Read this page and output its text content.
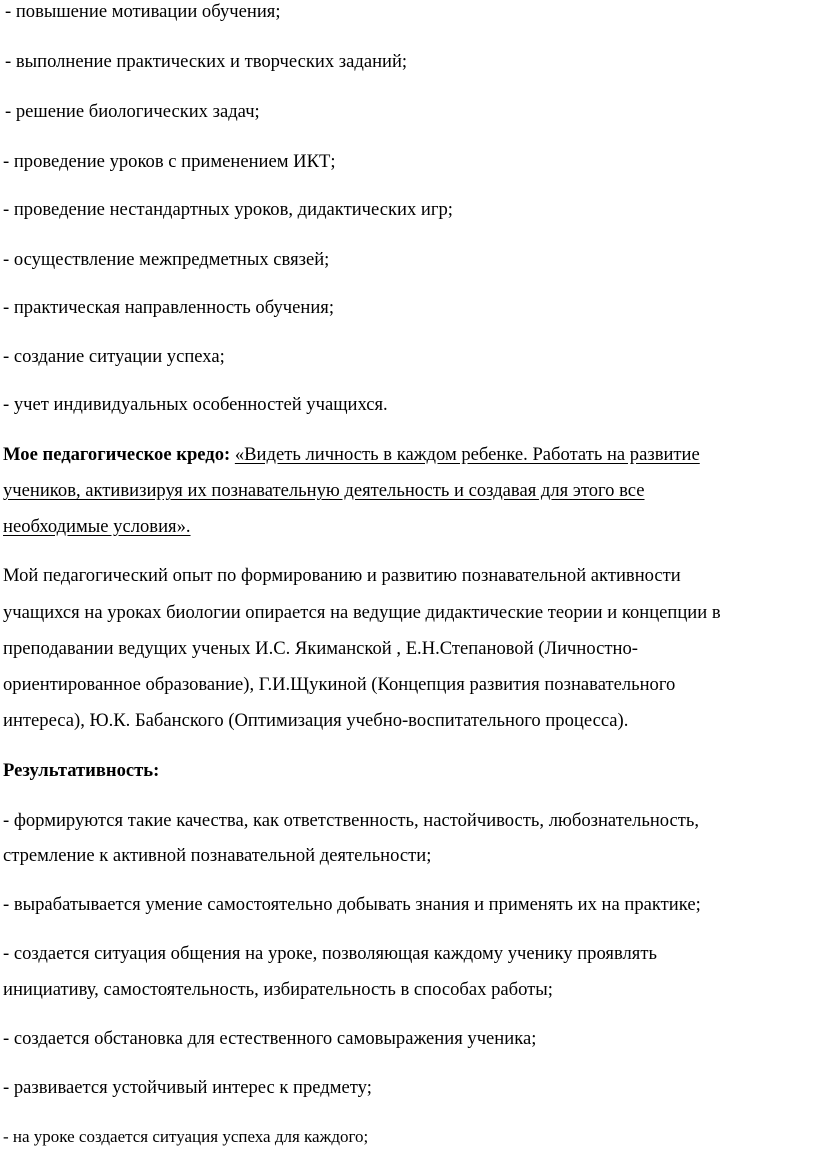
- повышение мотивации обучения;
- выполнение практических и творческих заданий;
- решение биологических задач;
- проведение уроков с применением ИКТ;
- проведение нестандартных уроков, дидактических игр;
- осуществление межпредметных связей;
- практическая направленность обучения;
- создание ситуации успеха;
- учет индивидуальных особенностей учащихся.
Мое педагогическое кредо: «Видеть личность в каждом ребенке. Работать на развитие
учеников, активизируя их познавательную деятельность и создавая для этого все
необходимые условия».
Мой педагогический опыт по формированию и развитию познавательной активности
учащихся на уроках биологии опирается на ведущие дидактические теории и концепции в
преподавании ведущих ученых И.С. Якиманской , Е.Н.Степановой (Личностно-
ориентированное образование), Г.И.Щукиной (Концепция развития познавательного
интереса), Ю.К. Бабанского (Оптимизация учебно-воспитательного процесса).
Результативность:
- формируются такие качества, как ответственность, настойчивость, любознательность,
стремление к активной познавательной деятельности;
- вырабатывается умение самостоятельно добывать знания и применять их на практике;
- создается ситуация общения на уроке, позволяющая каждому ученику проявлять
инициативу, самостоятельность, избирательность в способах работы;
- создается обстановка для естественного самовыражения ученика;
- развивается устойчивый интерес к предмету;
- на уроке создается ситуация успеха для каждого;
